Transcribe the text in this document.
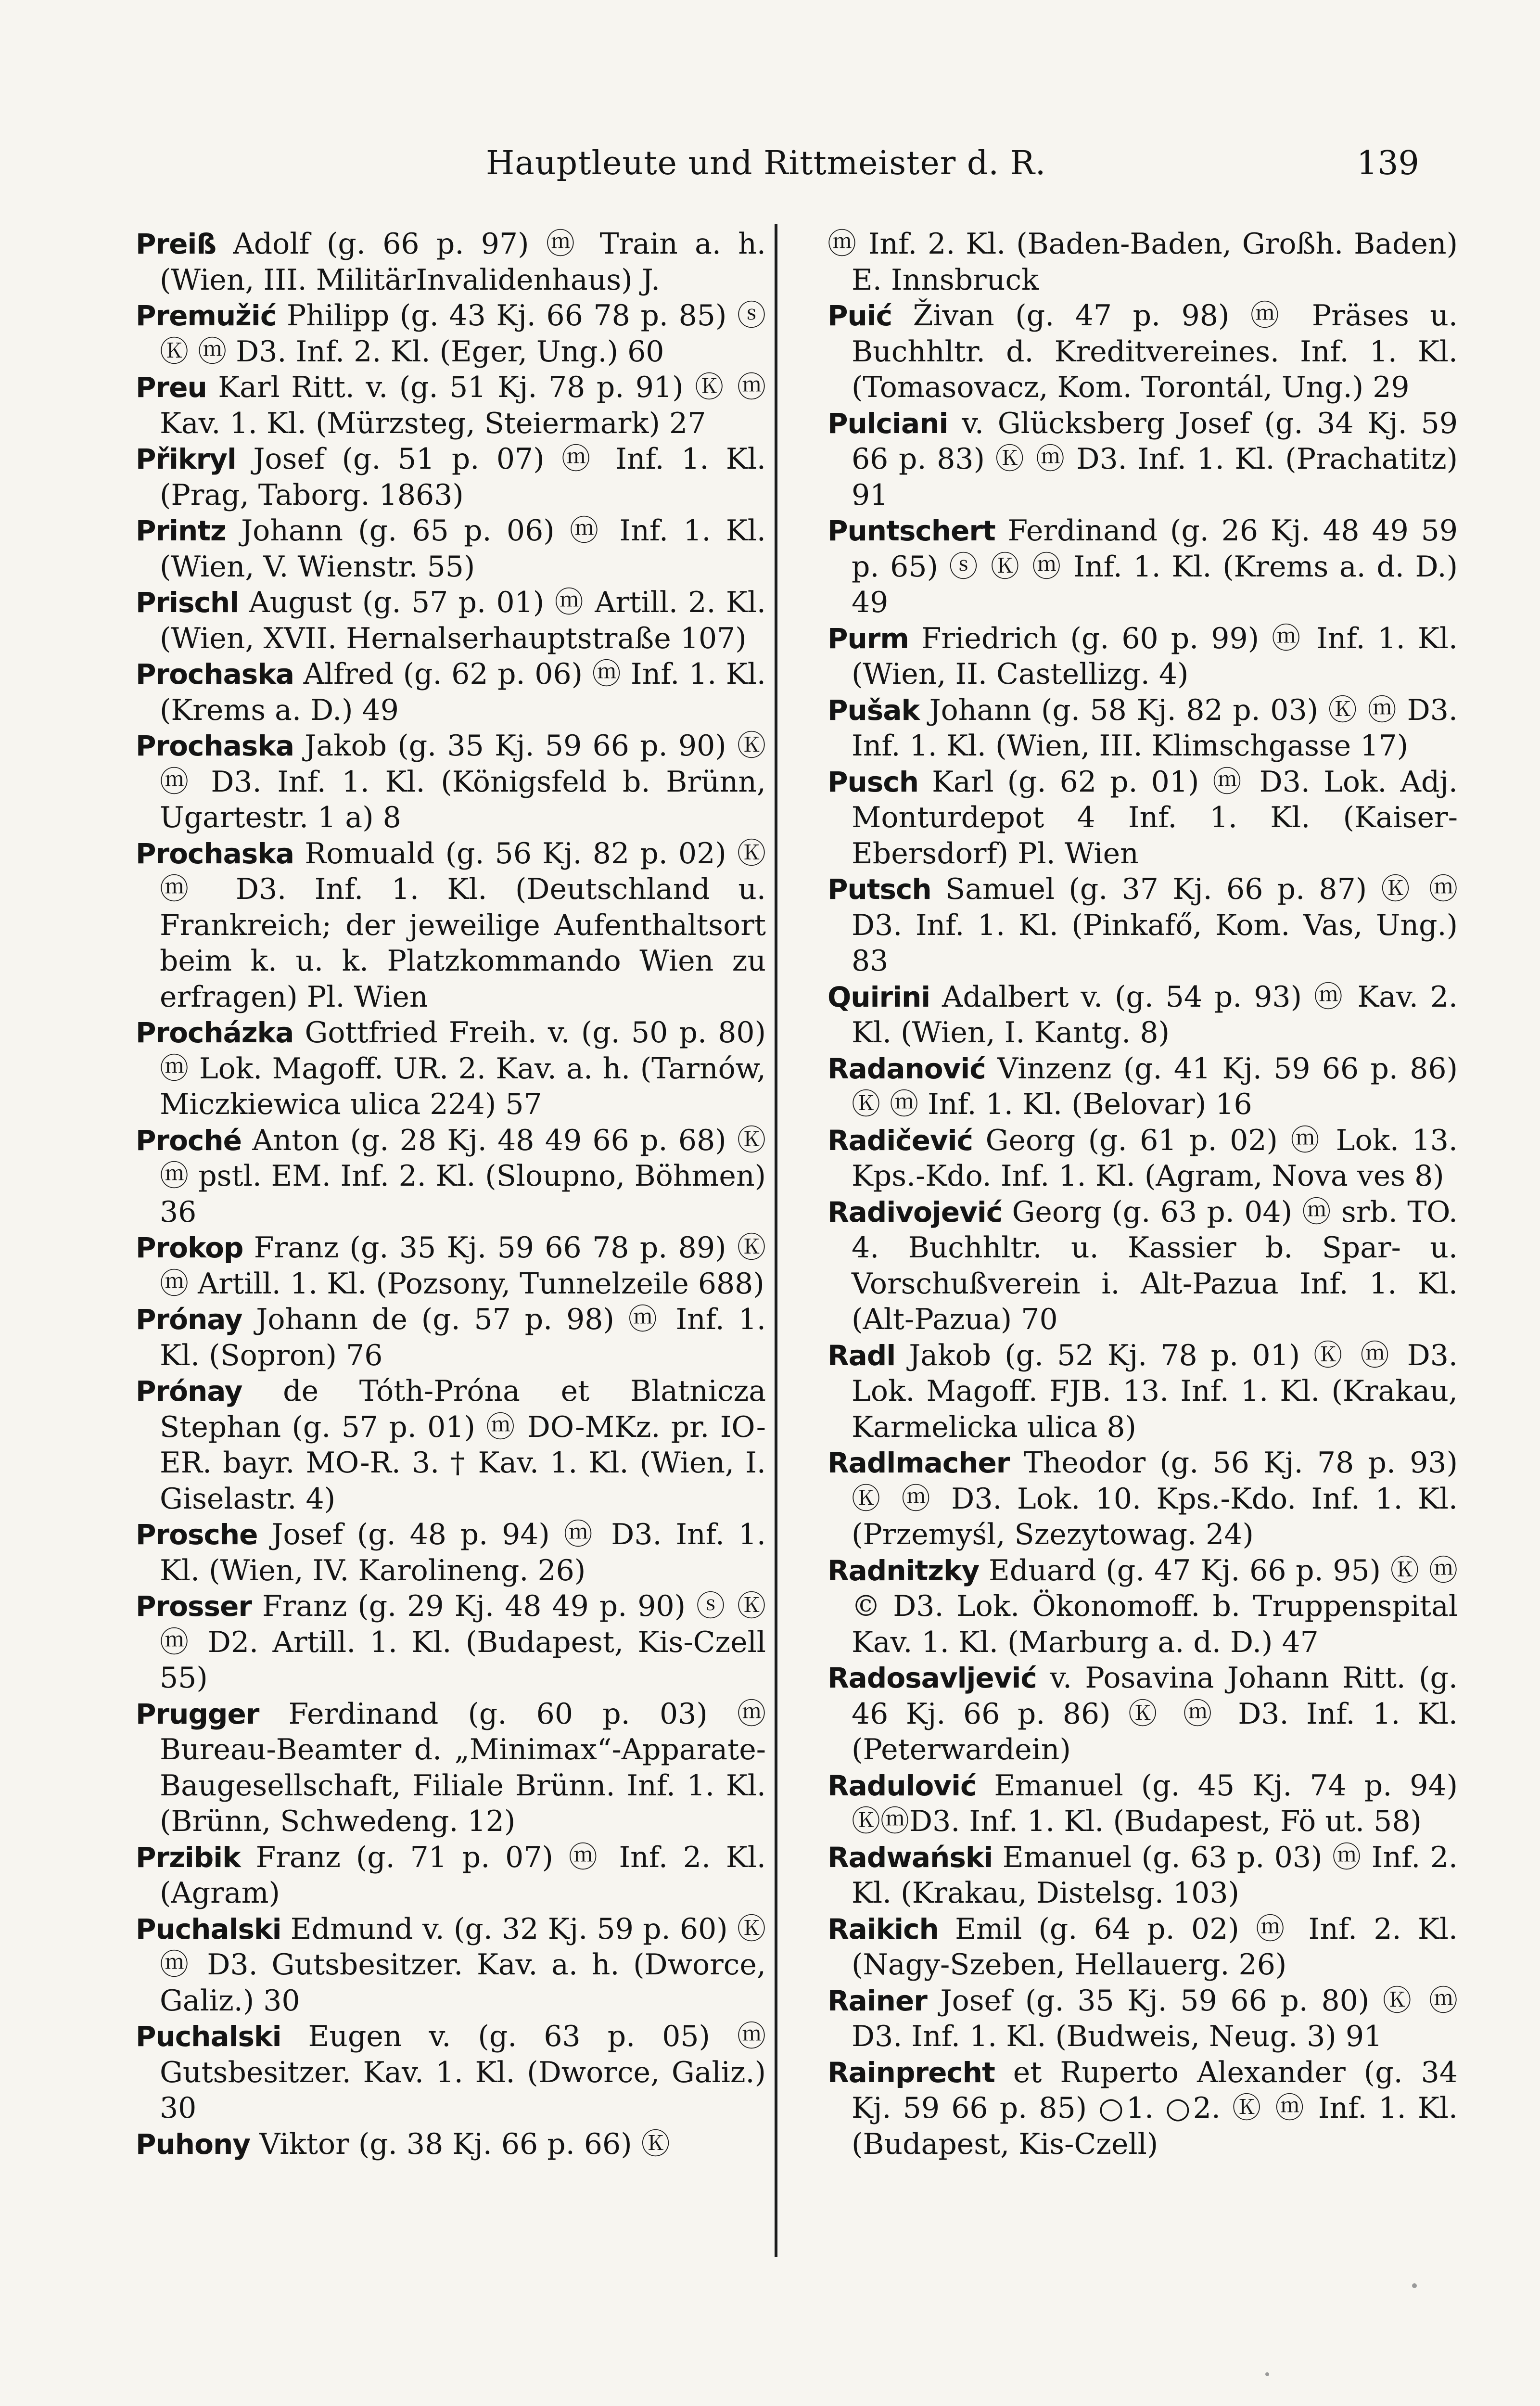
Hauptleute und Rittmeister d. R.	139

Preiß Adolf (g. 66 p. 97) ⓜ Train a. h. (Wien, III. MilitärInvalidenhaus) J.

Premužić Philipp (g. 43 Kj. 66 78 p. 85) ⓢ Ⓚ ⓜ D3. Inf. 2. Kl. (Eger, Ung.) 60

Preu Karl Ritt. v. (g. 51 Kj. 78 p. 91) Ⓚ ⓜ Kav. 1. Kl. (Mürzsteg, Steiermark) 27

Přikryl Josef (g. 51 p. 07) ⓜ Inf. 1. Kl. (Prag, Taborg. 1863)

Printz Johann (g. 65 p. 06) ⓜ Inf. 1. Kl. (Wien, V. Wienstr. 55)

Prischl August (g. 57 p. 01) ⓜ Artill. 2. Kl. (Wien, XVII. Hernalserhauptstraße 107)

Prochaska Alfred (g. 62 p. 06) ⓜ Inf. 1. Kl. (Krems a. D.) 49

Prochaska Jakob (g. 35 Kj. 59 66 p. 90) Ⓚ ⓜ D3. Inf. 1. Kl. (Königsfeld b. Brünn, Ugartestr. 1 a) 8

Prochaska Romuald (g. 56 Kj. 82 p. 02) Ⓚ ⓜ D3. Inf. 1. Kl. (Deutschland u. Frankreich; der jeweilige Aufenthaltsort beim k. u. k. Platzkommando Wien zu erfragen) Pl. Wien

Procházka Gottfried Freih. v. (g. 50 p. 80) ⓜ Lok. Magoff. UR. 2. Kav. a. h. (Tarnów, Miczkiewica ulica 224) 57

Proché Anton (g. 28 Kj. 48 49 66 p. 68) Ⓚ ⓜ pstl. EM. Inf. 2. Kl. (Sloupno, Böhmen) 36

Prokop Franz (g. 35 Kj. 59 66 78 p. 89) Ⓚ ⓜ Artill. 1. Kl. (Pozsony, Tunnelzeile 688)

Prónay Johann de (g. 57 p. 98) ⓜ Inf. 1. Kl. (Sopron) 76

Prónay de Tóth-Próna et Blatnicza Stephan (g. 57 p. 01) ⓜ DO-MKz. pr. IO-ER. bayr. MO-R. 3. † Kav. 1. Kl. (Wien, I. Giselastr. 4)

Prosche Josef (g. 48 p. 94) ⓜ D3. Inf. 1. Kl. (Wien, IV. Karolineng. 26)

Prosser Franz (g. 29 Kj. 48 49 p. 90) ⓢ Ⓚ ⓜ D2. Artill. 1. Kl. (Budapest, Kis-Czell 55)

Prugger Ferdinand (g. 60 p. 03) ⓜ Bureau-Beamter d. „Minimax“-Apparate-Baugesellschaft, Filiale Brünn. Inf. 1. Kl. (Brünn, Schwedeng. 12)

Przibik Franz (g. 71 p. 07) ⓜ Inf. 2. Kl. (Agram)

Puchalski Edmund v. (g. 32 Kj. 59 p. 60) Ⓚ ⓜ D3. Gutsbesitzer. Kav. a. h. (Dworce, Galiz.) 30

Puchalski Eugen v. (g. 63 p. 05) ⓜ Gutsbesitzer. Kav. 1. Kl. (Dworce, Galiz.) 30

Puhony Viktor (g. 38 Kj. 66 p. 66) Ⓚ

ⓜ Inf. 2. Kl. (Baden-Baden, Großh. Baden) E. Innsbruck

Puić Živan (g. 47 p. 98) ⓜ Präses u. Buchhltr. d. Kreditvereines. Inf. 1. Kl. (Tomasovacz, Kom. Torontál, Ung.) 29

Pulciani v. Glücksberg Josef (g. 34 Kj. 59 66 p. 83) Ⓚ ⓜ D3. Inf. 1. Kl. (Prachatitz) 91

Puntschert Ferdinand (g. 26 Kj. 48 49 59 p. 65) ⓢ Ⓚ ⓜ Inf. 1. Kl. (Krems a. d. D.) 49

Purm Friedrich (g. 60 p. 99) ⓜ Inf. 1. Kl. (Wien, II. Castellizg. 4)

Pušak Johann (g. 58 Kj. 82 p. 03) Ⓚ ⓜ D3. Inf. 1. Kl. (Wien, III. Klimschgasse 17)

Pusch Karl (g. 62 p. 01) ⓜ D3. Lok. Adj. Monturdepot 4 Inf. 1. Kl. (Kaiser-Ebersdorf) Pl. Wien

Putsch Samuel (g. 37 Kj. 66 p. 87) Ⓚ ⓜ D3. Inf. 1. Kl. (Pinkafő, Kom. Vas, Ung.) 83

Quirini Adalbert v. (g. 54 p. 93) ⓜ Kav. 2. Kl. (Wien, I. Kantg. 8)

Radanović Vinzenz (g. 41 Kj. 59 66 p. 86) Ⓚ ⓜ Inf. 1. Kl. (Belovar) 16

Radičević Georg (g. 61 p. 02) ⓜ Lok. 13. Kps.-Kdo. Inf. 1. Kl. (Agram, Nova ves 8)

Radivojević Georg (g. 63 p. 04) ⓜ srb. TO. 4. Buchhltr. u. Kassier b. Spar- u. Vorschußverein i. Alt-Pazua Inf. 1. Kl. (Alt-Pazua) 70

Radl Jakob (g. 52 Kj. 78 p. 01) Ⓚ ⓜ D3. Lok. Magoff. FJB. 13. Inf. 1. Kl. (Krakau, Karmelicka ulica 8)

Radlmacher Theodor (g. 56 Kj. 78 p. 93) Ⓚ ⓜ D3. Lok. 10. Kps.-Kdo. Inf. 1. Kl. (Przemyśl, Szezytowag. 24)

Radnitzky Eduard (g. 47 Kj. 66 p. 95) Ⓚ ⓜ © D3. Lok. Ökonomoff. b. Truppenspital Kav. 1. Kl. (Marburg a. d. D.) 47

Radosavljević v. Posavina Johann Ritt. (g. 46 Kj. 66 p. 86) Ⓚ ⓜ D3. Inf. 1. Kl. (Peterwardein)

Radulović Emanuel (g. 45 Kj. 74 p. 94) ⓀⓜD3. Inf. 1. Kl. (Budapest, Fö ut. 58)

Radwański Emanuel (g. 63 p. 03) ⓜ Inf. 2. Kl. (Krakau, Distelsg. 103)

Raikich Emil (g. 64 p. 02) ⓜ Inf. 2. Kl. (Nagy-Szeben, Hellauerg. 26)

Rainer Josef (g. 35 Kj. 59 66 p. 80) Ⓚ ⓜ D3. Inf. 1. Kl. (Budweis, Neug. 3) 91

Rainprecht et Ruperto Alexander (g. 34 Kj. 59 66 p. 85) ○1. ○2. Ⓚ ⓜ Inf. 1. Kl. (Budapest, Kis-Czell)
